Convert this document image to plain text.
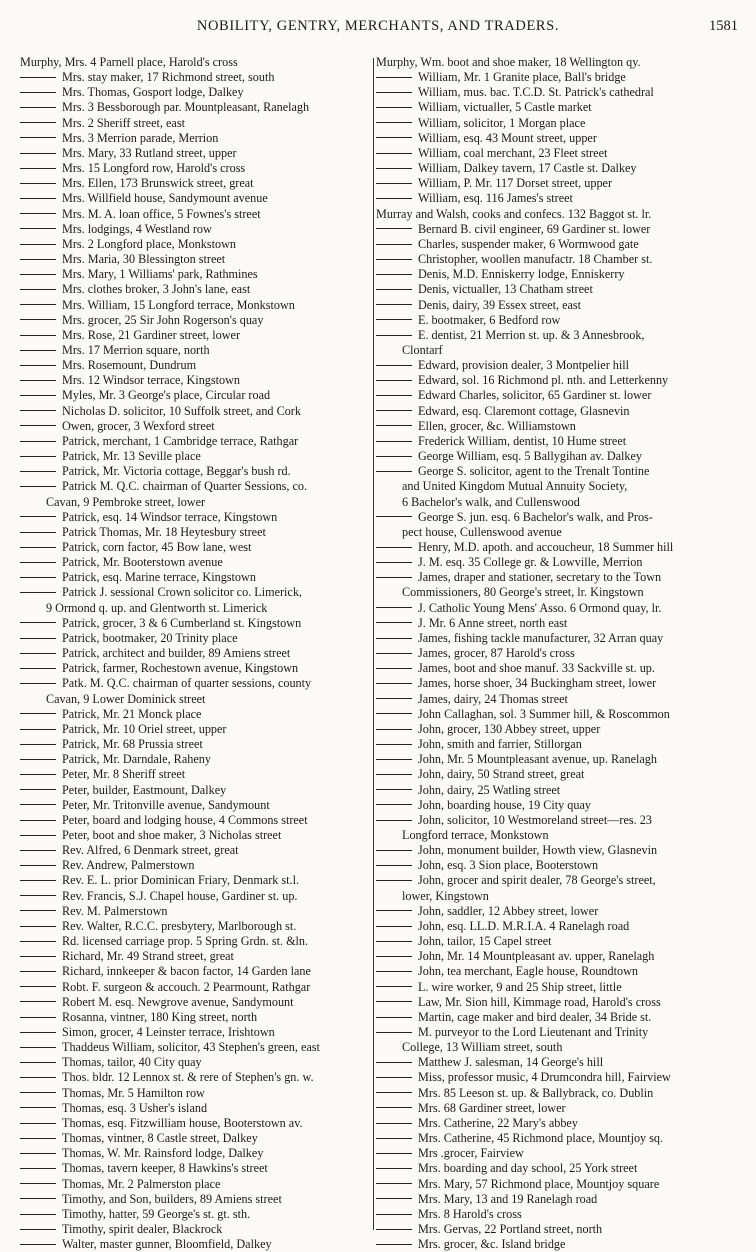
NOBILITY, GENTRY, MERCHANTS, AND TRADERS.	1581
Murphy, Mrs. 4 Parnell place, Harold's cross
Mrs. stay maker, 17 Richmond street, south
Mrs. Thomas, Gosport lodge, Dalkey
Mrs. 3 Bessborough par. Mountpleasant, Ranelagh
Mrs. 2 Sheriff street, east
Mrs. 3 Merrion parade, Merrion
Mrs. Mary, 33 Rutland street, upper
Mrs. 15 Longford row, Harold's cross
Mrs. Ellen, 173 Brunswick street, great
Mrs. Willfield house, Sandymount avenue
Mrs. M. A. loan office, 5 Fownes's street
Mrs. lodgings, 4 Westland row
Mrs. 2 Longford place, Monkstown
Mrs. Maria, 30 Blessington street
Mrs. Mary, 1 Williams' park, Rathmines
Mrs. clothes broker, 3 John's lane, east
Mrs. William, 15 Longford terrace, Monkstown
Mrs. grocer, 25 Sir John Rogerson's quay
Mrs. Rose, 21 Gardiner street, lower
Mrs. 17 Merrion square, north
Mrs. Rosemount, Dundrum
Mrs. 12 Windsor terrace, Kingstown
Myles, Mr. 3 George's place, Circular road
Nicholas D. solicitor, 10 Suffolk street, and Cork
Owen, grocer, 3 Wexford street
Patrick, merchant, 1 Cambridge terrace, Rathgar
Patrick, Mr. 13 Seville place
Patrick, Mr. Victoria cottage, Beggar's bush rd.
Patrick M. Q.C. chairman of Quarter Sessions, co.
Cavan, 9 Pembroke street, lower
Patrick, esq. 14 Windsor terrace, Kingstown
Patrick Thomas, Mr. 18 Heytesbury street
Patrick, corn factor, 45 Bow lane, west
Patrick, Mr. Booterstown avenue
Patrick, esq. Marine terrace, Kingstown
Patrick J. sessional Crown solicitor co. Limerick,
9 Ormond q. up. and Glentworth st. Limerick
Patrick, grocer, 3 & 6 Cumberland st. Kingstown
Patrick, bootmaker, 20 Trinity place
Patrick, architect and builder, 89 Amiens street
Patrick, farmer, Rochestown avenue, Kingstown
Patk. M. Q.C. chairman of quarter sessions, county
Cavan, 9 Lower Dominick street
Patrick, Mr. 21 Monck place
Patrick, Mr. 10 Oriel street, upper
Patrick, Mr. 68 Prussia street
Patrick, Mr. Darndale, Raheny
Peter, Mr. 8 Sheriff street
Peter, builder, Eastmount, Dalkey
Peter, Mr. Tritonville avenue, Sandymount
Peter, board and lodging house, 4 Commons street
Peter, boot and shoe maker, 3 Nicholas street
Rev. Alfred, 6 Denmark street, great
Rev. Andrew, Palmerstown
Rev. E. L. prior Dominican Friary, Denmark st.l.
Rev. Francis, S.J. Chapel house, Gardiner st. up.
Rev. M. Palmerstown
Rev. Walter, R.C.C. presbytery, Marlborough st.
Rd. licensed carriage prop. 5 Spring Grdn. st. &ln.
Richard, Mr. 49 Strand street, great
Richard, innkeeper & bacon factor, 14 Garden lane
Robt. F. surgeon & accouch. 2 Pearmount, Rathgar
Robert M. esq. Newgrove avenue, Sandymount
Rosanna, vintner, 180 King street, north
Simon, grocer, 4 Leinster terrace, Irishtown
Thaddeus William, solicitor, 43 Stephen's green, east
Thomas, tailor, 40 City quay
Thos. bldr. 12 Lennox st. & rere of Stephen's gn. w.
Thomas, Mr. 5 Hamilton row
Thomas, esq. 3 Usher's island
Thomas, esq. Fitzwilliam house, Booterstown av.
Thomas, vintner, 8 Castle street, Dalkey
Thomas, W. Mr. Rainsford lodge, Dalkey
Thomas, tavern keeper, 8 Hawkins's street
Thomas, Mr. 2 Palmerston place
Timothy, and Son, builders, 89 Amiens street
Timothy, hatter, 59 George's st. gt. sth.
Timothy, spirit dealer, Blackrock
Walter, master gunner, Bloomfield, Dalkey
Murphy, Wm. boot and shoe maker, 18 Wellington qy.
William, Mr. 1 Granite place, Ball's bridge
William, mus. bac. T.C.D. St. Patrick's cathedral
William, victualler, 5 Castle market
William, solicitor, 1 Morgan place
William, esq. 43 Mount street, upper
William, coal merchant, 23 Fleet street
William, Dalkey tavern, 17 Castle st. Dalkey
William, P. Mr. 117 Dorset street, upper
William, esq. 116 James's street
Murray and Walsh, cooks and confecs. 132 Baggot st. lr.
Bernard B. civil engineer, 69 Gardiner st. lower
Charles, suspender maker, 6 Wormwood gate
Christopher, woollen manufactr. 18 Chamber st.
Denis, M.D. Enniskerry lodge, Enniskerry
Denis, victualler, 13 Chatham street
Denis, dairy, 39 Essex street, east
E. bootmaker, 6 Bedford row
E. dentist, 21 Merrion st. up. & 3 Annesbrook,
Clontarf
Edward, provision dealer, 3 Montpelier hill
Edward, sol. 16 Richmond pl. nth. and Letterkenny
Edward Charles, solicitor, 65 Gardiner st. lower
Edward, esq. Claremont cottage, Glasnevin
Ellen, grocer, &c. Williamstown
Frederick William, dentist, 10 Hume street
George William, esq. 5 Ballygihan av. Dalkey
George S. solicitor, agent to the Trenalt Tontine
and United Kingdom Mutual Annuity Society,
6 Bachelor's walk, and Cullenswood
George S. jun. esq. 6 Bachelor's walk, and Pros-
pect house, Cullenswood avenue
Henry, M.D. apoth. and accoucheur, 18 Summer hill
J. M. esq. 35 College gr. & Lowville, Merrion
James, draper and stationer, secretary to the Town
Commissioners, 80 George's street, lr. Kingstown
J. Catholic Young Mens' Asso. 6 Ormond quay, lr.
J. Mr. 6 Anne street, north east
James, fishing tackle manufacturer, 32 Arran quay
James, grocer, 87 Harold's cross
James, boot and shoe manuf. 33 Sackville st. up.
James, horse shoer, 34 Buckingham street, lower
James, dairy, 24 Thomas street
John Callaghan, sol. 3 Summer hill, & Roscommon
John, grocer, 130 Abbey street, upper
John, smith and farrier, Stillorgan
John, Mr. 5 Mountpleasant avenue, up. Ranelagh
John, dairy, 50 Strand street, great
John, dairy, 25 Watling street
John, boarding house, 19 City quay
John, solicitor, 10 Westmoreland street—res. 23
Longford terrace, Monkstown
John, monument builder, Howth view, Glasnevin
John, esq. 3 Sion place, Booterstown
John, grocer and spirit dealer, 78 George's street,
lower, Kingstown
John, saddler, 12 Abbey street, lower
John, esq. LL.D. M.R.I.A. 4 Ranelagh road
John, tailor, 15 Capel street
John, Mr. 14 Mountpleasant av. upper, Ranelagh
John, tea merchant, Eagle house, Roundtown
L. wire worker, 9 and 25 Ship street, little
Law, Mr. Sion hill, Kimmage road, Harold's cross
Martin, cage maker and bird dealer, 34 Bride st.
M. purveyor to the Lord Lieutenant and Trinity
College, 13 William street, south
Matthew J. salesman, 14 George's hill
Miss, professor music, 4 Drumcondra hill, Fairview
Mrs. 85 Leeson st. up. & Ballybrack, co. Dublin
Mrs. 68 Gardiner street, lower
Mrs. Catherine, 22 Mary's abbey
Mrs. Catherine, 45 Richmond place, Mountjoy sq.
Mrs .grocer, Fairview
Mrs. boarding and day school, 25 York street
Mrs. Mary, 57 Richmond place, Mountjoy square
Mrs. Mary, 13 and 19 Ranelagh road
Mrs. 8 Harold's cross
Mrs. Gervas, 22 Portland street, north
Mrs. grocer, &c. Island bridge
